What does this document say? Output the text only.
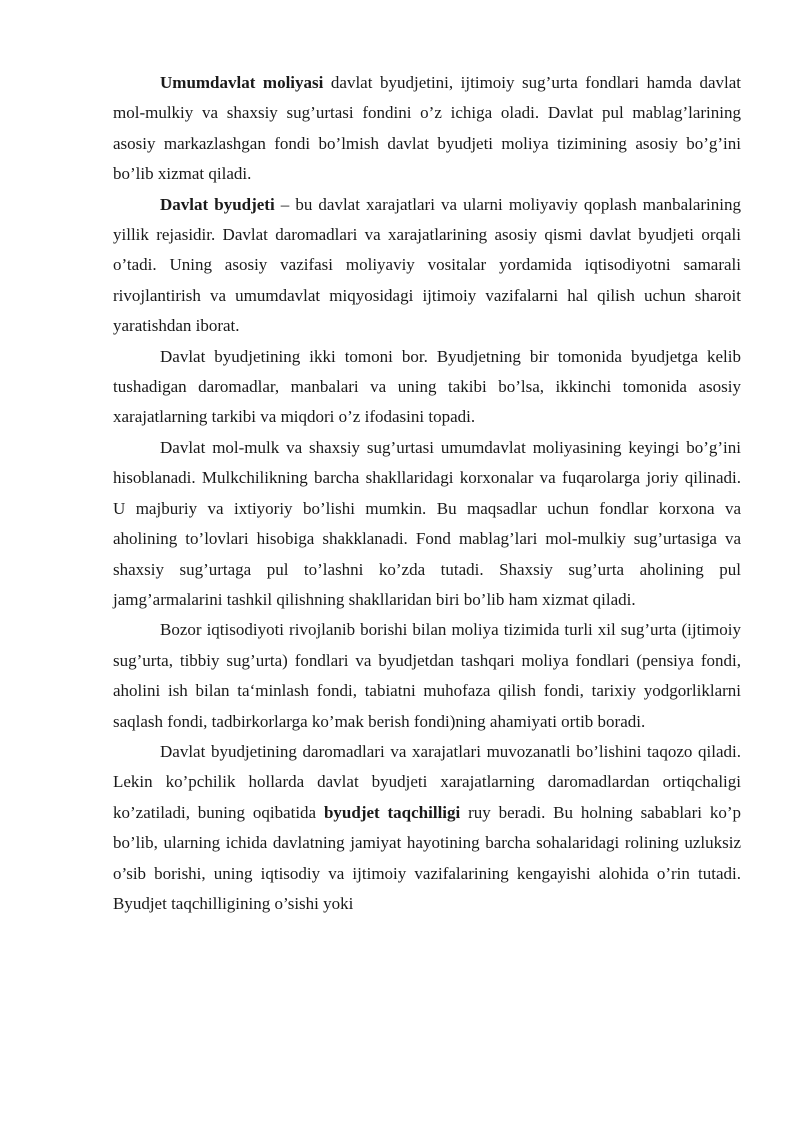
Umumdavlat moliyasi davlat byudjetini, ijtimoiy sug’urta fondlari hamda davlat mol-mulkiy va shaxsiy sug’urtasi fondini o’z ichiga oladi. Davlat pul mablag’larining asosiy markazlashgan fondi bo’lmish davlat byudjeti moliya tizimining asosiy bo’g’ini bo’lib xizmat qiladi.

Davlat byudjeti – bu davlat xarajatlari va ularni moliyaviy qoplash manbalarining yillik rejasidir. Davlat daromadlari va xarajatlarining asosiy qismi davlat byudjeti orqali o’tadi. Uning asosiy vazifasi moliyaviy vositalar yordamida iqtisodiyotni samarali rivojlantirish va umumdavlat miqyosidagi ijtimoiy vazifalarni hal qilish uchun sharoit yaratishdan iborat.

Davlat byudjetining ikki tomoni bor. Byudjetning bir tomonida byudjetga kelib tushadigan daromadlar, manbalari va uning takibi bo’lsa, ikkinchi tomonida asosiy xarajatlarning tarkibi va miqdori o’z ifodasini topadi.

Davlat mol-mulk va shaxsiy sug’urtasi umumdavlat moliyasining keyingi bo’g’ini hisoblanadi. Mulkchilikning barcha shakllaridagi korxonalar va fuqarolarga joriy qilinadi. U majburiy va ixtiyoriy bo’lishi mumkin. Bu maqsadlar uchun fondlar korxona va aholining to’lovlari hisobiga shakklanadi. Fond mablag’lari mol-mulkiy sug’urtasiga va shaxsiy sug’urtaga pul to’lashni ko’zda tutadi. Shaxsiy sug’urta aholining pul jamg’armalarini tashkil qilishning shakllaridan biri bo’lib ham xizmat qiladi.

Bozor iqtisodiyoti rivojlanib borishi bilan moliya tizimida turli xil sug’urta (ijtimoiy sug’urta, tibbiy sug’urta) fondlari va byudjetdan tashqari moliya fondlari (pensiya fondi, aholini ish bilan ta‘minlash fondi, tabiatni muhofaza qilish fondi, tarixiy yodgorliklarni saqlash fondi, tadbirkorlarga ko’mak berish fondi)ning ahamiyati ortib boradi.

Davlat byudjetining daromadlari va xarajatlari muvozanatli bo’lishini taqozo qiladi. Lekin ko’pchilik hollarda davlat byudjeti xarajatlarning daromadlardan ortiqchaligi ko’zatiladi, buning oqibatida byudjet taqchilligi ruy beradi. Bu holning sabablari ko’p bo’lib, ularning ichida davlatning jamiyat hayotining barcha sohalaridagi rolining uzluksiz o’sib borishi, uning iqtisodiy va ijtimoiy vazifalarining kengayishi alohida o’rin tutadi. Byudjet taqchilligining o’sishi yoki
